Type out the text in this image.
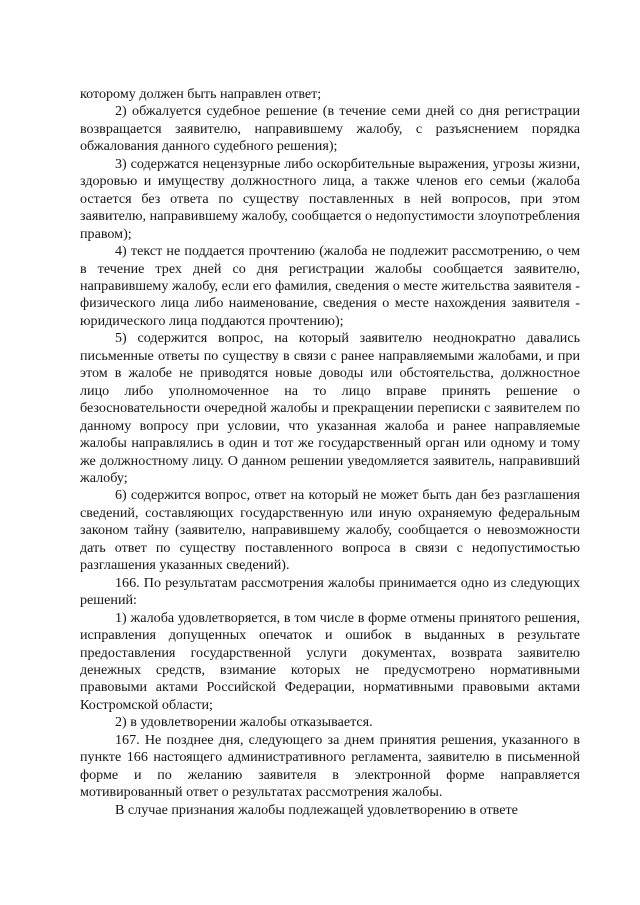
которому должен быть направлен ответ;

2) обжалуется судебное решение (в течение семи дней со дня регистрации возвращается заявителю, направившему жалобу, с разъяснением порядка обжалования данного судебного решения);

3) содержатся нецензурные либо оскорбительные выражения, угрозы жизни, здоровью и имуществу должностного лица, а также членов его семьи (жалоба остается без ответа по существу поставленных в ней вопросов, при этом заявителю, направившему жалобу, сообщается о недопустимости злоупотребления правом);

4) текст не поддается прочтению (жалоба не подлежит рассмотрению, о чем в течение трех дней со дня регистрации жалобы сообщается заявителю, направившему жалобу, если его фамилия, сведения о месте жительства заявителя - физического лица либо наименование, сведения о месте нахождения заявителя - юридического лица поддаются прочтению);

5) содержится вопрос, на который заявителю неоднократно давались письменные ответы по существу в связи с ранее направляемыми жалобами, и при этом в жалобе не приводятся новые доводы или обстоятельства, должностное лицо либо уполномоченное на то лицо вправе принять решение о безосновательности очередной жалобы и прекращении переписки с заявителем по данному вопросу при условии, что указанная жалоба и ранее направляемые жалобы направлялись в один и тот же государственный орган или одному и тому же должностному лицу. О данном решении уведомляется заявитель, направивший жалобу;

6) содержится вопрос, ответ на который не может быть дан без разглашения сведений, составляющих государственную или иную охраняемую федеральным законом тайну (заявителю, направившему жалобу, сообщается о невозможности дать ответ по существу поставленного вопроса в связи с недопустимостью разглашения указанных сведений).

166. По результатам рассмотрения жалобы принимается одно из следующих решений:

1) жалоба удовлетворяется, в том числе в форме отмены принятого решения, исправления допущенных опечаток и ошибок в выданных в результате предоставления государственной услуги документах, возврата заявителю денежных средств, взимание которых не предусмотрено нормативными правовыми актами Российской Федерации, нормативными правовыми актами Костромской области;

2) в удовлетворении жалобы отказывается.

167. Не позднее дня, следующего за днем принятия решения, указанного в пункте 166 настоящего административного регламента, заявителю в письменной форме и по желанию заявителя в электронной форме направляется мотивированный ответ о результатах рассмотрения жалобы.

В случае признания жалобы подлежащей удовлетворению в ответе
